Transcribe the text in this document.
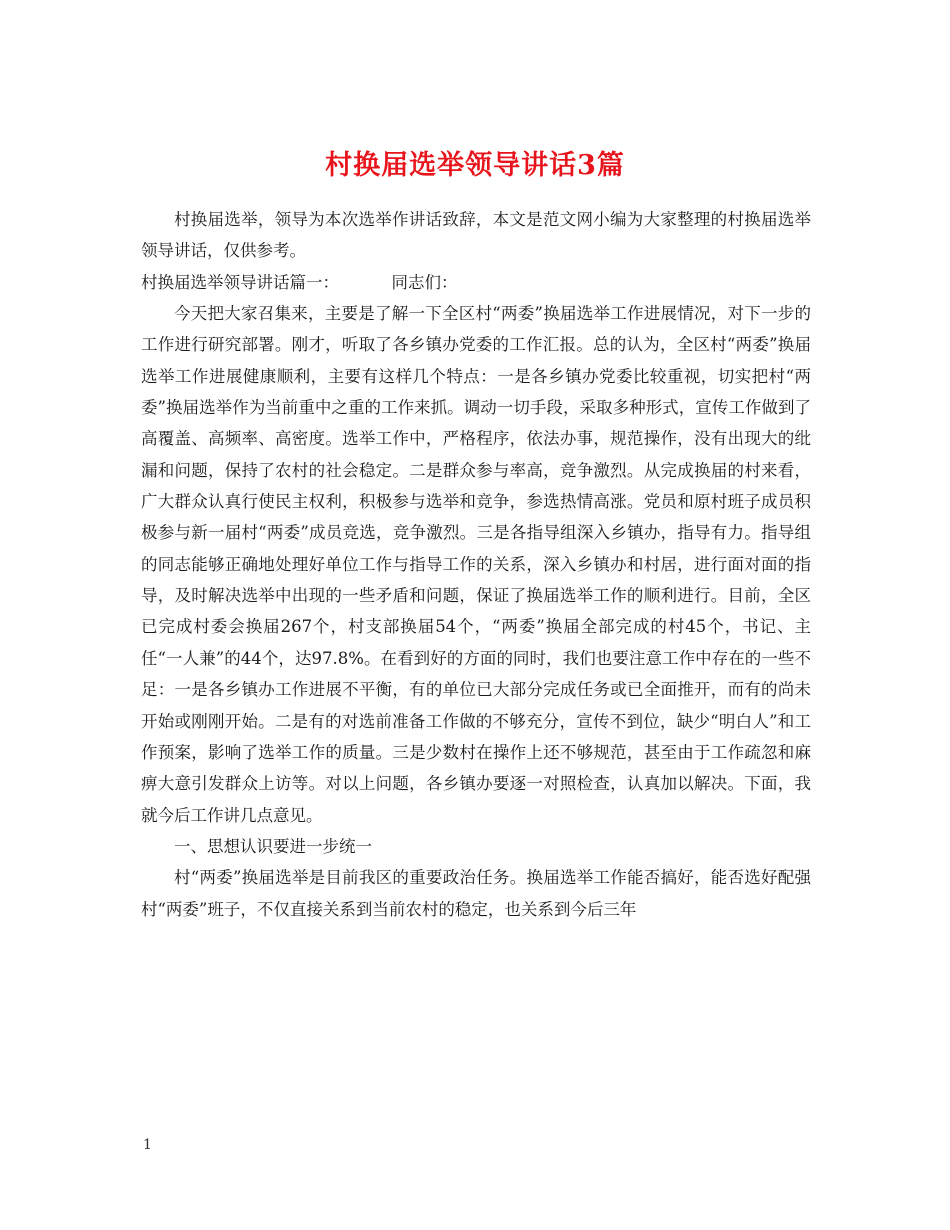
村换届选举领导讲话3篇

村换届选举，领导为本次选举作讲话致辞，本文是范文网小编为大家整理的村换届选举领导讲话，仅供参考。

村换届选举领导讲话篇一：	同志们：

今天把大家召集来，主要是了解一下全区村“两委”换届选举工作进展情况，对下一步的工作进行研究部署。刚才，听取了各乡镇办党委的工作汇报。总的认为，全区村“两委”换届选举工作进展健康顺利，主要有这样几个特点：一是各乡镇办党委比较重视，切实把村“两委”换届选举作为当前重中之重的工作来抓。调动一切手段，采取多种形式，宣传工作做到了高覆盖、高频率、高密度。选举工作中，严格程序，依法办事，规范操作，没有出现大的纰漏和问题，保持了农村的社会稳定。二是群众参与率高，竞争激烈。从完成换届的村来看，广大群众认真行使民主权利，积极参与选举和竞争，参选热情高涨。党员和原村班子成员积极参与新一届村“两委”成员竞选，竞争激烈。三是各指导组深入乡镇办，指导有力。指导组的同志能够正确地处理好单位工作与指导工作的关系，深入乡镇办和村居，进行面对面的指导，及时解决选举中出现的一些矛盾和问题，保证了换届选举工作的顺利进行。目前，全区已完成村委会换届267个，村支部换届54个，“两委”换届全部完成的村45个，书记、主任“一人兼”的44个，达97.8%。在看到好的方面的同时，我们也要注意工作中存在的一些不足：一是各乡镇办工作进展不平衡，有的单位已大部分完成任务或已全面推开，而有的尚未开始或刚刚开始。二是有的对选前准备工作做的不够充分，宣传不到位，缺少“明白人”和工作预案，影响了选举工作的质量。三是少数村在操作上还不够规范，甚至由于工作疏忽和麻痹大意引发群众上访等。对以上问题，各乡镇办要逐一对照检查，认真加以解决。下面，我就今后工作讲几点意见。

一、思想认识要进一步统一

村“两委”换届选举是目前我区的重要政治任务。换届选举工作能否搞好，能否选好配强村“两委”班子，不仅直接关系到当前农村的稳定，也关系到今后三年

1
